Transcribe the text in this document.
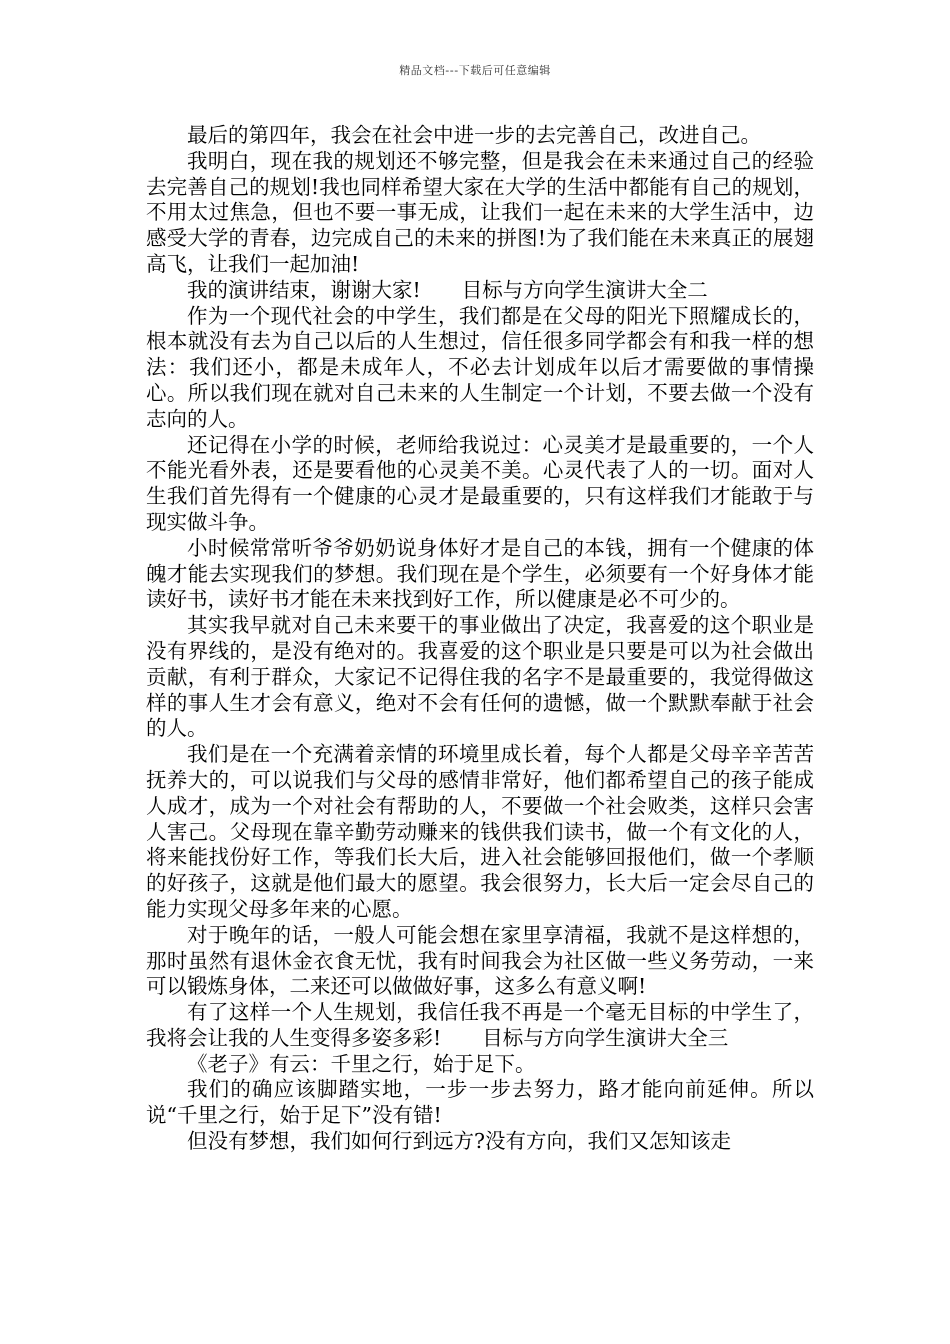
精品文档---下载后可任意编辑

最后的第四年，我会在社会中进一步的去完善自己，改进自己。

我明白，现在我的规划还不够完整，但是我会在未来通过自己的经验去完善自己的规划!我也同样希望大家在大学的生活中都能有自己的规划，不用太过焦急，但也不要一事无成，让我们一起在未来的大学生活中，边感受大学的青春，边完成自己的未来的拼图!为了我们能在未来真正的展翅高飞，让我们一起加油!

我的演讲结束，谢谢大家!　　目标与方向学生演讲大全二

作为一个现代社会的中学生，我们都是在父母的阳光下照耀成长的，根本就没有去为自己以后的人生想过，信任很多同学都会有和我一样的想法：我们还小，都是未成年人，不必去计划成年以后才需要做的事情操心。所以我们现在就对自己未来的人生制定一个计划，不要去做一个没有志向的人。

还记得在小学的时候，老师给我说过：心灵美才是最重要的，一个人不能光看外表，还是要看他的心灵美不美。心灵代表了人的一切。面对人生我们首先得有一个健康的心灵才是最重要的，只有这样我们才能敢于与现实做斗争。

小时候常常听爷爷奶奶说身体好才是自己的本钱，拥有一个健康的体魄才能去实现我们的梦想。我们现在是个学生，必须要有一个好身体才能读好书，读好书才能在未来找到好工作，所以健康是必不可少的。

其实我早就对自己未来要干的事业做出了决定，我喜爱的这个职业是没有界线的，是没有绝对的。我喜爱的这个职业是只要是可以为社会做出贡献，有利于群众，大家记不记得住我的名字不是最重要的，我觉得做这样的事人生才会有意义，绝对不会有任何的遗憾，做一个默默奉献于社会的人。

我们是在一个充满着亲情的环境里成长着，每个人都是父母辛辛苦苦抚养大的，可以说我们与父母的感情非常好，他们都希望自己的孩子能成人成才，成为一个对社会有帮助的人，不要做一个社会败类，这样只会害人害己。父母现在靠辛勤劳动赚来的钱供我们读书，做一个有文化的人，将来能找份好工作，等我们长大后，进入社会能够回报他们，做一个孝顺的好孩子，这就是他们最大的愿望。我会很努力，长大后一定会尽自己的能力实现父母多年来的心愿。

对于晚年的话，一般人可能会想在家里享清福，我就不是这样想的，那时虽然有退休金衣食无忧，我有时间我会为社区做一些义务劳动，一来可以锻炼身体，二来还可以做做好事，这多么有意义啊!

有了这样一个人生规划，我信任我不再是一个毫无目标的中学生了，我将会让我的人生变得多姿多彩!　　目标与方向学生演讲大全三

《老子》有云：千里之行，始于足下。

我们的确应该脚踏实地，一步一步去努力，路才能向前延伸。所以说“千里之行，始于足下”没有错!

但没有梦想，我们如何行到远方?没有方向，我们又怎知该走
